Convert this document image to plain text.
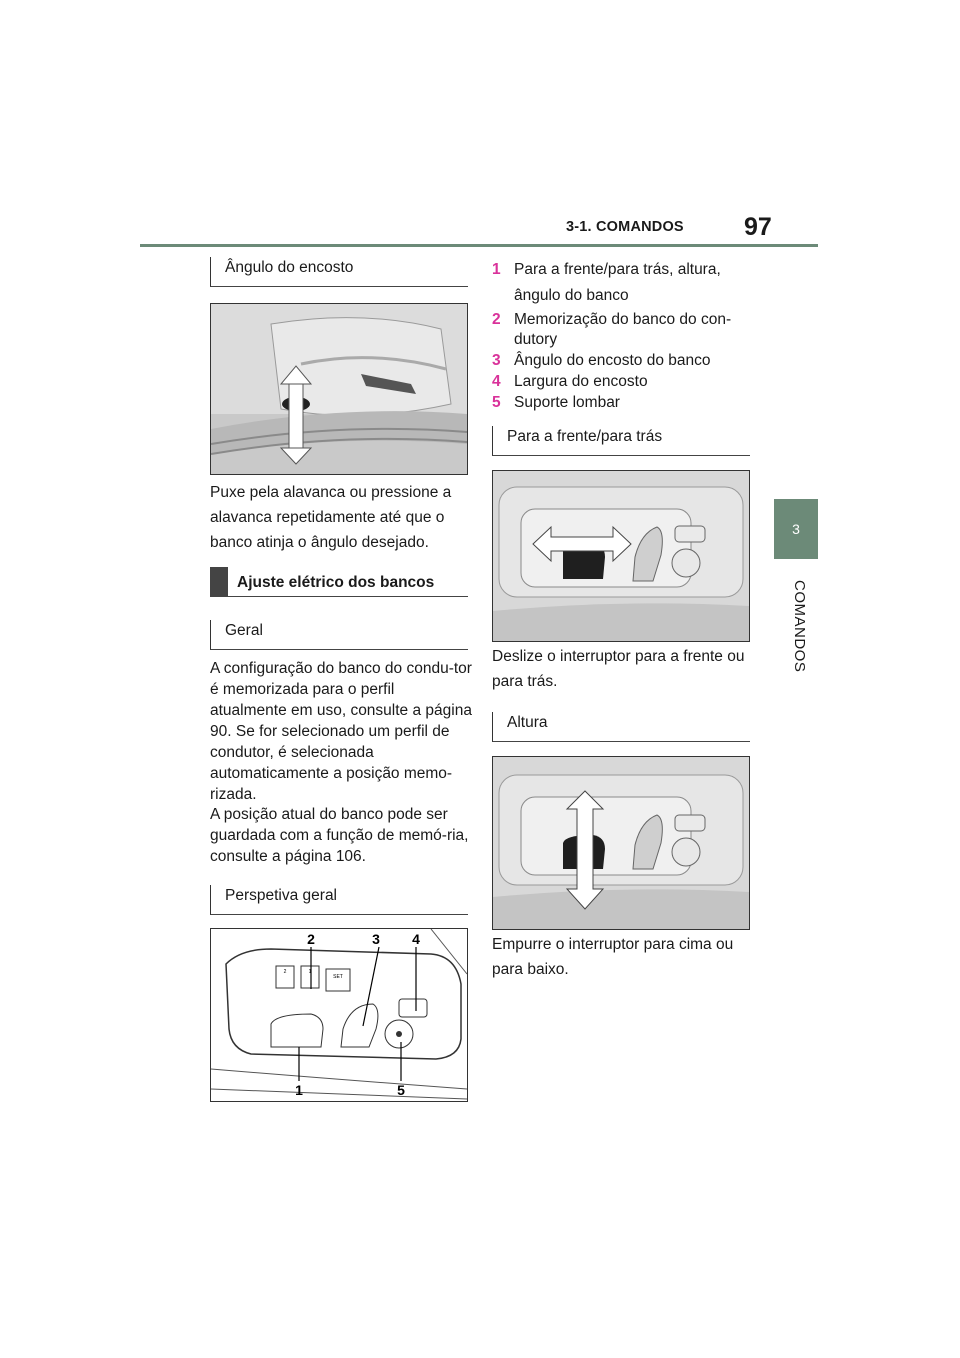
3-1. COMANDOS 97
3
COMANDOS
Ângulo do encosto
Puxe pela alavanca ou pressione a alavanca repetidamente até que o banco atinja o ângulo desejado.
Ajuste elétrico dos bancos
Geral
A configuração do banco do condu-tor é memorizada para o perfil atualmente em uso, consulte a página 90. Se for selecionado um perfil de condutor, é selecionada automaticamente a posição memo-rizada.
A posição atual do banco pode ser guardada com a função de memó-ria, consulte a página 106.
Perspetiva geral
2	1
SET
2	3 4
1	5
1 Para a frente/para trás, altura, ângulo do banco
2 Memorização do banco do con-dutory
3 Ângulo do encosto do banco
4 Largura do encosto
5 Suporte lombar
Para a frente/para trás
Deslize o interruptor para a frente ou para trás.
Altura
Empurre o interruptor para cima ou para baixo.
